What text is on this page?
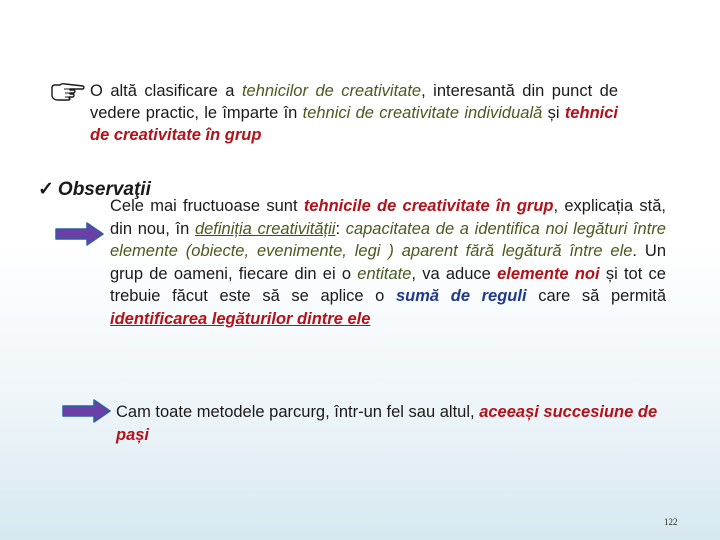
O altă clasificare a tehnicilor de creativitate, interesantă din punct de vedere practic, le împarte în tehnici de creativitate individuală și tehnici de creativitate în grup
✓ Observaţii
Cele mai fructuoase sunt tehnicile de creativitate în grup, explicația stă, din nou, în definiția creativității: capacitatea de a identifica noi legături între elemente (obiecte, evenimente, legi ) aparent fără legătură între ele. Un grup de oameni, fiecare din ei o entitate, va aduce elemente noi și tot ce trebuie făcut este să se aplice o sumă de reguli care să permită identificarea legăturilor dintre ele
Cam toate metodele parcurg, într-un fel sau altul, aceeași succesiune de pași
122
